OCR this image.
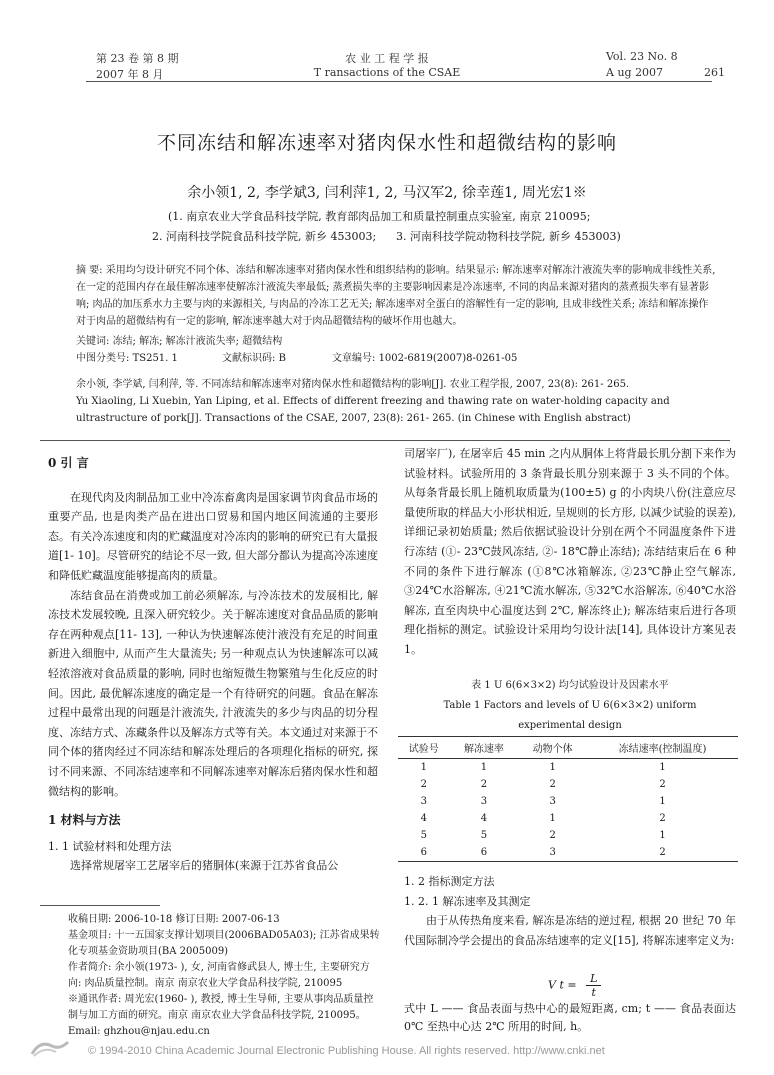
第 23 卷 第 8 期
2007 年 8 月
农 业 工 程 学 报
T ransactions of the CSAE
Vol. 23 No. 8
A ug 2007	261
不同冻结和解冻速率对猪肉保水性和超微结构的影响
余小领1, 2, 李学斌3, 闫利萍1, 2, 马汉军2, 徐幸莲1, 周光宏1※
(1. 南京农业大学食品科技学院, 教育部肉品加工和质量控制重点实验室, 南京 210095;
2. 河南科技学院食品科技学院, 新乡 453003; 3. 河南科技学院动物科技学院, 新乡 453003)
摘 要: 采用均匀设计研究不同个体、冻结和解冻速率对猪肉保水性和组织结构的影响。结果显示: 解冻速率对解冻汁液流失率的影响成非线性关系, 在一定的范围内存在最佳解冻速率使解冻汁液流失率最低; 蒸煮损失率的主要影响因素是冷冻速率, 不同的肉品来源对猪肉的蒸煮损失率有显著影响; 肉品的加压系水力主要与肉的来源相关, 与肉品的冷冻工艺无关; 解冻速率对全蛋白的溶解性有一定的影响, 且成非线性关系; 冻结和解冻操作对于肉品的超微结构有一定的影响, 解冻速率越大对于肉品超微结构的破坏作用也越大。
关键词: 冻结; 解冻; 解冻汁液流失率; 超微结构
中图分类号: TS251. 1	文献标识码: B	文章编号: 1002-6819(2007)8-0261-05
余小领, 李学斌, 闫利萍, 等. 不同冻结和解冻速率对猪肉保水性和超微结构的影响[J]. 农业工程学报, 2007, 23(8): 261- 265.
Yu Xiaoling, Li Xuebin, Yan Liping, et al. Effects of different freezing and thawing rate on water-holding capacity and ultrastructure of pork[J]. Transactions of the CSAE, 2007, 23(8): 261- 265. (in Chinese with English abstract)
0 引 言

在现代肉及肉制品加工业中冷冻畜禽肉是国家调节肉食品市场的重要产品, 也是肉类产品在进出口贸易和国内地区间流通的主要形态。有关冷冻速度和肉的贮藏温度对冷冻肉的影响的研究已有大量报道[1- 10]。尽管研究的结论不尽一致, 但大部分都认为提高冷冻速度和降低贮藏温度能够提高肉的质量。

冻结食品在消费或加工前必须解冻, 与冷冻技术的发展相比, 解冻技术发展较晚, 且深入研究较少。关于解冻速度对食品品质的影响存在两种观点[11- 13], 一种认为快速解冻使汁液没有充足的时间重新进入细胞中, 从而产生大量流失; 另一种观点认为快速解冻可以减轻浓溶液对食品质量的影响, 同时也缩短微生物繁殖与生化反应的时间。因此, 最优解冻速度的确定是一个有待研究的问题。食品在解冻过程中最常出现的问题是汁液流失, 汁液流失的多少与肉品的切分程度、冻结方式、冻藏条件以及解冻方式等有关。本文通过对来源于不同个体的猪肉经过不同冻结和解冻处理后的各项理化指标的研究, 探讨不同来源、不同冻结速率和不同解冻速率对解冻后猪肉保水性和超微结构的影响。

1 材料与方法
1. 1 试验材料和处理方法

选择常规屠宰工艺屠宰后的猪胴体(来源于江苏省食品公

收稿日期: 2006-10-18 修订日期: 2007-06-13
基金项目: 十一五国家支撑计划项目(2006BAD05A03); 江苏省成果转化专项基金资助项目(BA 2005009)
作者简介: 余小领(1973- ), 女, 河南省修武县人, 博士生, 主要研究方向: 肉品质量控制。南京 南京农业大学食品科技学院, 210095
※通讯作者: 周光宏(1960- ), 教授, 博士生导师, 主要从事肉品质量控制与加工方面的研究。南京 南京农业大学食品科技学院, 210095。Email: ghzhou@njau.edu.cn

司屠宰厂), 在屠宰后 45 min 之内从胴体上将背最长肌分割下来作为试验材料。试验所用的 3 条背最长肌分别来源于 3 头不同的个体。从每条背最长肌上随机取质量为(100±5) g 的小肉块八份(注意应尽量使所取的样品大小形状相近, 呈规则的长方形, 以减少试验的误差), 详细记录初始质量; 然后依据试验设计分别在两个不同温度条件下进行冻结 (①- 23℃鼓风冻结, ②- 18℃静止冻结); 冻结结束后在 6 种不同的条件下进行解冻 (①8℃冰箱解冻, ②23℃静止空气解冻, ③24℃水浴解冻, ④21℃流水解冻, ⑤32℃水浴解冻, ⑥40℃水浴解冻, 直至肉块中心温度达到 2℃, 解冻终止); 解冻结束后进行各项理化指标的测定。试验设计采用均匀设计法[14], 具体设计方案见表 1。

表 1 U 6(6×3×2) 均匀试验设计及因素水平
Table 1 Factors and levels of U 6(6×3×2) uniform
experimental design
试验号	解冻速率	动物个体	冻结速率(控制温度)
1	1	1	1
2	2	2	2
3	3	3	1
4	4	1	2
5	5	2	1
6	6	3	2
1. 2 指标测定方法
1. 2. 1 解冻速率及其测定

由于从传热角度来看, 解冻是冻结的逆过程, 根据 20 世纪 70 年代国际制冷学会提出的食品冻结速率的定义[15], 将解冻速率定义为:

V $t = \frac{L}{t}$
式中 L —— 食品表面与热中心的最短距离, cm; t —— 食品表面达 0℃ 至热中心达 2℃ 所用的时间, h。
© 1994-2010 China Academic Journal Electronic Publishing House. All rights reserved. http://www.cnki.net
